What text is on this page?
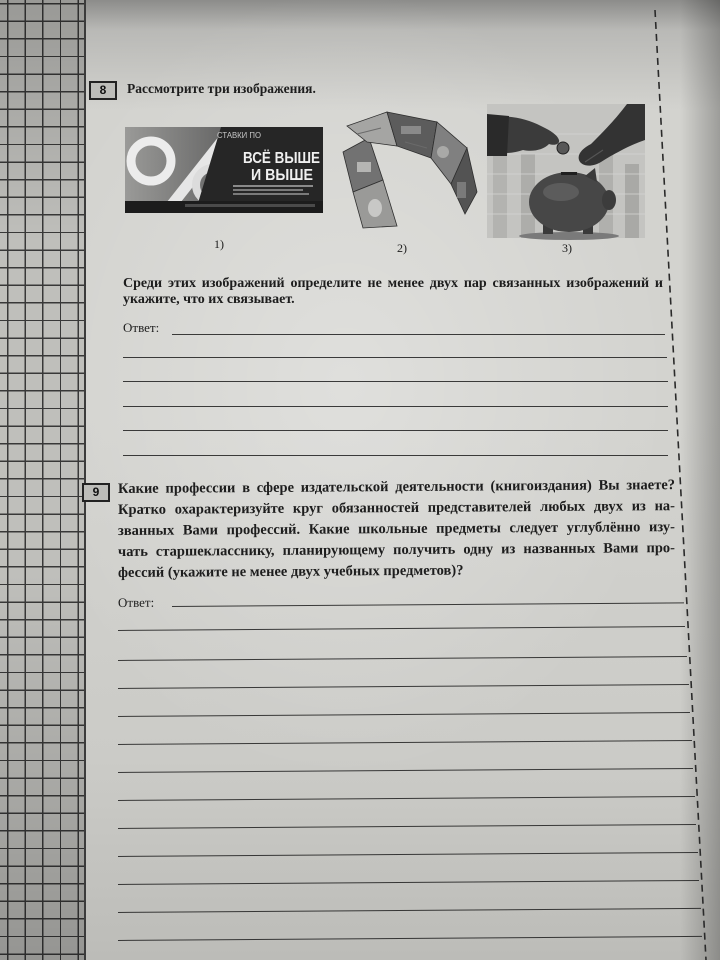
8	Рассмотрите три изображения.
СТАВКИ ПО
ВСЁ ВЫШЕ
И ВЫШЕ
1)	2)	3)
Среди этих изображений определите не менее двух пар связанных изображений и
укажите, что их связывает.
Ответ:
9	Какие профессии в сфере издательской деятельности (книгоиздания) Вы знаете?
Кратко охарактеризуйте круг обязанностей представителей любых двух из на-
званных Вами профессий. Какие школьные предметы следует углублённо изу-
чать старшекласснику, планирующему получить одну из названных Вами про-
фессий (укажите не менее двух учебных предметов)?
Ответ:
